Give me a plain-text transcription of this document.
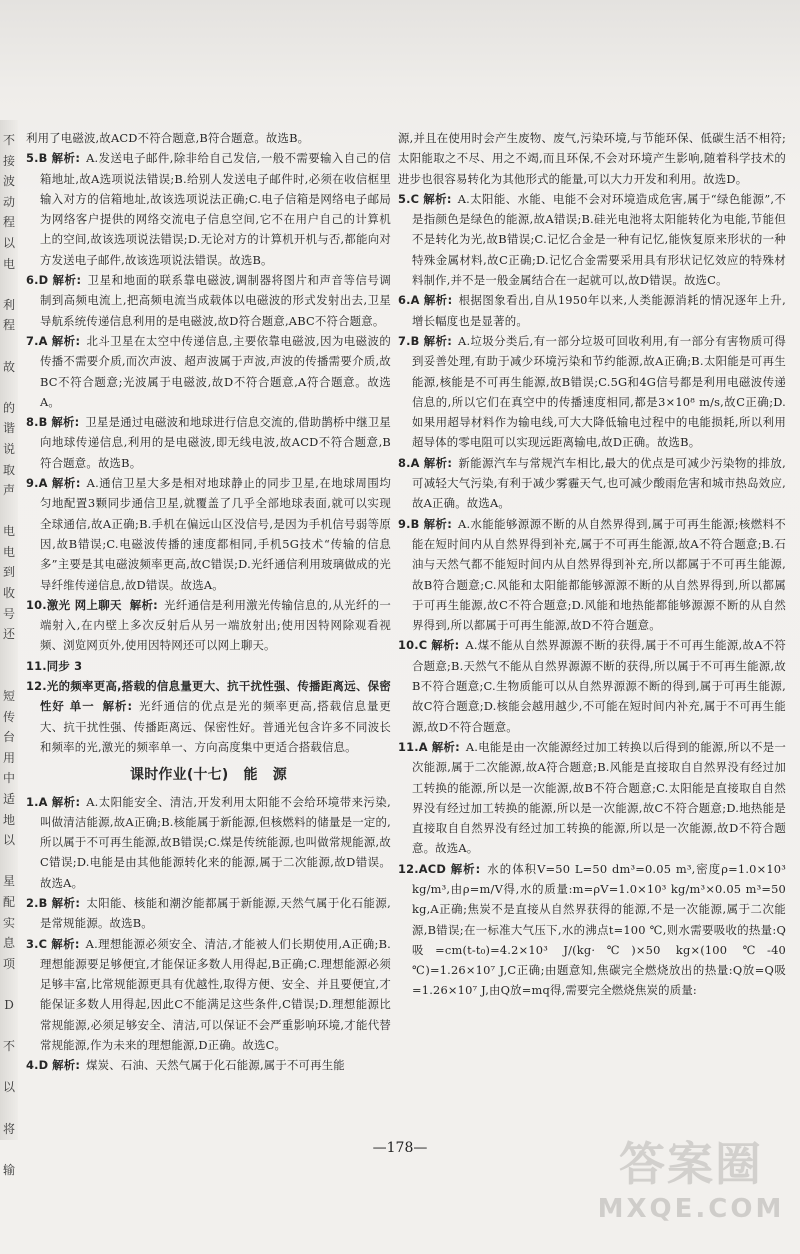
不
接
波
动
程
以
电
利
程
故
的
谐
说
取
声
电
电
到
收
号
还
短
传
台
用
中
适
地
以
星
配
实
息
项
D
不
以
将
输

利用了电磁波,故ACD不符合题意,B符合题意。故选B。

5.B 解析: A.发送电子邮件,除非给自己发信,一般不需要输入自己的信箱地址,故A选项说法错误;B.给别人发送电子邮件时,必须在收信框里输入对方的信箱地址,故该选项说法正确;C.电子信箱是网络电子邮局为网络客户提供的网络交流电子信息空间,它不在用户自己的计算机上的空间,故该选项说法错误;D.无论对方的计算机开机与否,都能向对方发送电子邮件,故该选项说法错误。故选B。

6.D 解析: 卫星和地面的联系靠电磁波,调制器将图片和声音等信号调制到高频电流上,把高频电流当成载体以电磁波的形式发射出去,卫星导航系统传递信息利用的是电磁波,故D符合题意,ABC不符合题意。

7.A 解析: 北斗卫星在太空中传递信息,主要依靠电磁波,因为电磁波的传播不需要介质,而次声波、超声波属于声波,声波的传播需要介质,故BC不符合题意;光波属于电磁波,故D不符合题意,A符合题意。故选A。

8.B 解析: 卫星是通过电磁波和地球进行信息交流的,借助鹊桥中继卫星向地球传递信息,利用的是电磁波,即无线电波,故ACD不符合题意,B符合题意。故选B。

9.A 解析: A.通信卫星大多是相对地球静止的同步卫星,在地球周围均匀地配置3颗同步通信卫星,就覆盖了几乎全部地球表面,就可以实现全球通信,故A正确;B.手机在偏远山区没信号,是因为手机信号弱等原因,故B错误;C.电磁波传播的速度都相同,手机5G技术“传输的信息多”主要是其电磁波频率更高,故C错误;D.光纤通信利用玻璃做成的光导纤维传递信息,故D错误。故选A。

10.激光 网上聊天 解析: 光纤通信是利用激光传输信息的,从光纤的一端射入,在内壁上多次反射后从另一端放射出;使用因特网除观看视频、浏览网页外,使用因特网还可以网上聊天。

11.同步 3

12.光的频率更高,搭载的信息量更大、抗干扰性强、传播距离远、保密性好 单一 解析: 光纤通信的优点是光的频率更高,搭载信息量更大、抗干扰性强、传播距离远、保密性好。普通光包含许多不同波长和频率的光,激光的频率单一、方向高度集中更适合搭载信息。

课时作业(十七) 能 源

1.A 解析: A.太阳能安全、清洁,开发利用太阳能不会给环境带来污染,叫做清洁能源,故A正确;B.核能属于新能源,但核燃料的储量是一定的,所以属于不可再生能源,故B错误;C.煤是传统能源,也叫做常规能源,故C错误;D.电能是由其他能源转化来的能源,属于二次能源,故D错误。故选A。

2.B 解析: 太阳能、核能和潮汐能都属于新能源,天然气属于化石能源,是常规能源。故选B。

3.C 解析: A.理想能源必须安全、清洁,才能被人们长期使用,A正确;B.理想能源要足够便宜,才能保证多数人用得起,B正确;C.理想能源必须足够丰富,比常规能源更具有优越性,取得方便、安全、并且要便宜,才能保证多数人用得起,因此C不能满足这些条件,C错误;D.理想能源比常规能源,必须足够安全、清洁,可以保证不会严重影响环境,才能代替常规能源,作为未来的理想能源,D正确。故选C。

4.D 解析: 煤炭、石油、天然气属于化石能源,属于不可再生能

源,并且在使用时会产生废物、废气,污染环境,与节能环保、低碳生活不相符;太阳能取之不尽、用之不竭,而且环保,不会对环境产生影响,随着科学技术的进步也很容易转化为其他形式的能量,可以大力开发和利用。故选D。

5.C 解析: A.太阳能、水能、电能不会对环境造成危害,属于“绿色能源”,不是指颜色是绿色的能源,故A错误;B.硅光电池将太阳能转化为电能,节能但不是转化为光,故B错误;C.记忆合金是一种有记忆,能恢复原来形状的一种特殊金属材料,故C正确;D.记忆合金需要采用具有形状记忆效应的特殊材料制作,并不是一般金属结合在一起就可以,故D错误。故选C。

6.A 解析: 根据图象看出,自从1950年以来,人类能源消耗的情况逐年上升,增长幅度也是显著的。

7.B 解析: A.垃圾分类后,有一部分垃圾可回收利用,有一部分有害物质可得到妥善处理,有助于减少环境污染和节约能源,故A正确;B.太阳能是可再生能源,核能是不可再生能源,故B错误;C.5G和4G信号都是利用电磁波传递信息的,所以它们在真空中的传播速度相同,都是3×10⁸ m/s,故C正确;D.如果用超导材料作为输电线,可大大降低输电过程中的电能损耗,所以利用超导体的零电阻可以实现远距离输电,故D正确。故选B。

8.A 解析: 新能源汽车与常规汽车相比,最大的优点是可减少污染物的排放,可减轻大气污染,有利于减少雾霾天气,也可减少酸雨危害和城市热岛效应,故A正确。故选A。

9.B 解析: A.水能能够源源不断的从自然界得到,属于可再生能源;核燃料不能在短时间内从自然界得到补充,属于不可再生能源,故A不符合题意;B.石油与天然气都不能短时间内从自然界得到补充,所以都属于不可再生能源,故B符合题意;C.风能和太阳能都能够源源不断的从自然界得到,所以都属于可再生能源,故C不符合题意;D.风能和地热能都能够源源不断的从自然界得到,所以都属于可再生能源,故D不符合题意。

10.C 解析: A.煤不能从自然界源源不断的获得,属于不可再生能源,故A不符合题意;B.天然气不能从自然界源源不断的获得,所以属于不可再生能源,故B不符合题意;C.生物质能可以从自然界源源不断的得到,属于可再生能源,故C符合题意;D.核能会越用越少,不可能在短时间内补充,属于不可再生能源,故D不符合题意。

11.A 解析: A.电能是由一次能源经过加工转换以后得到的能源,所以不是一次能源,属于二次能源,故A符合题意;B.风能是直接取自自然界没有经过加工转换的能源,所以是一次能源,故B不符合题意;C.太阳能是直接取自自然界没有经过加工转换的能源,所以是一次能源,故C不符合题意;D.地热能是直接取自自然界没有经过加工转换的能源,所以是一次能源,故D不符合题意。故选A。

12.ACD 解析: 水的体积V=50 L=50 dm³=0.05 m³,密度ρ=1.0×10³ kg/m³,由ρ=m/V得,水的质量:m=ρV=1.0×10³ kg/m³×0.05 m³=50 kg,A正确;焦炭不是直接从自然界获得的能源,不是一次能源,属于二次能源,B错误;在一标准大气压下,水的沸点t=100 ℃,则水需要吸收的热量:Q吸=cm(t-t₀)=4.2×10³ J/(kg·℃)×50 kg×(100 ℃-40 ℃)=1.26×10⁷ J,C正确;由题意知,焦碳完全燃烧放出的热量:Q放=Q吸=1.26×10⁷ J,由Q放=mq得,需要完全燃烧焦炭的质量:

—178—	答案圈
MXQE.COM
